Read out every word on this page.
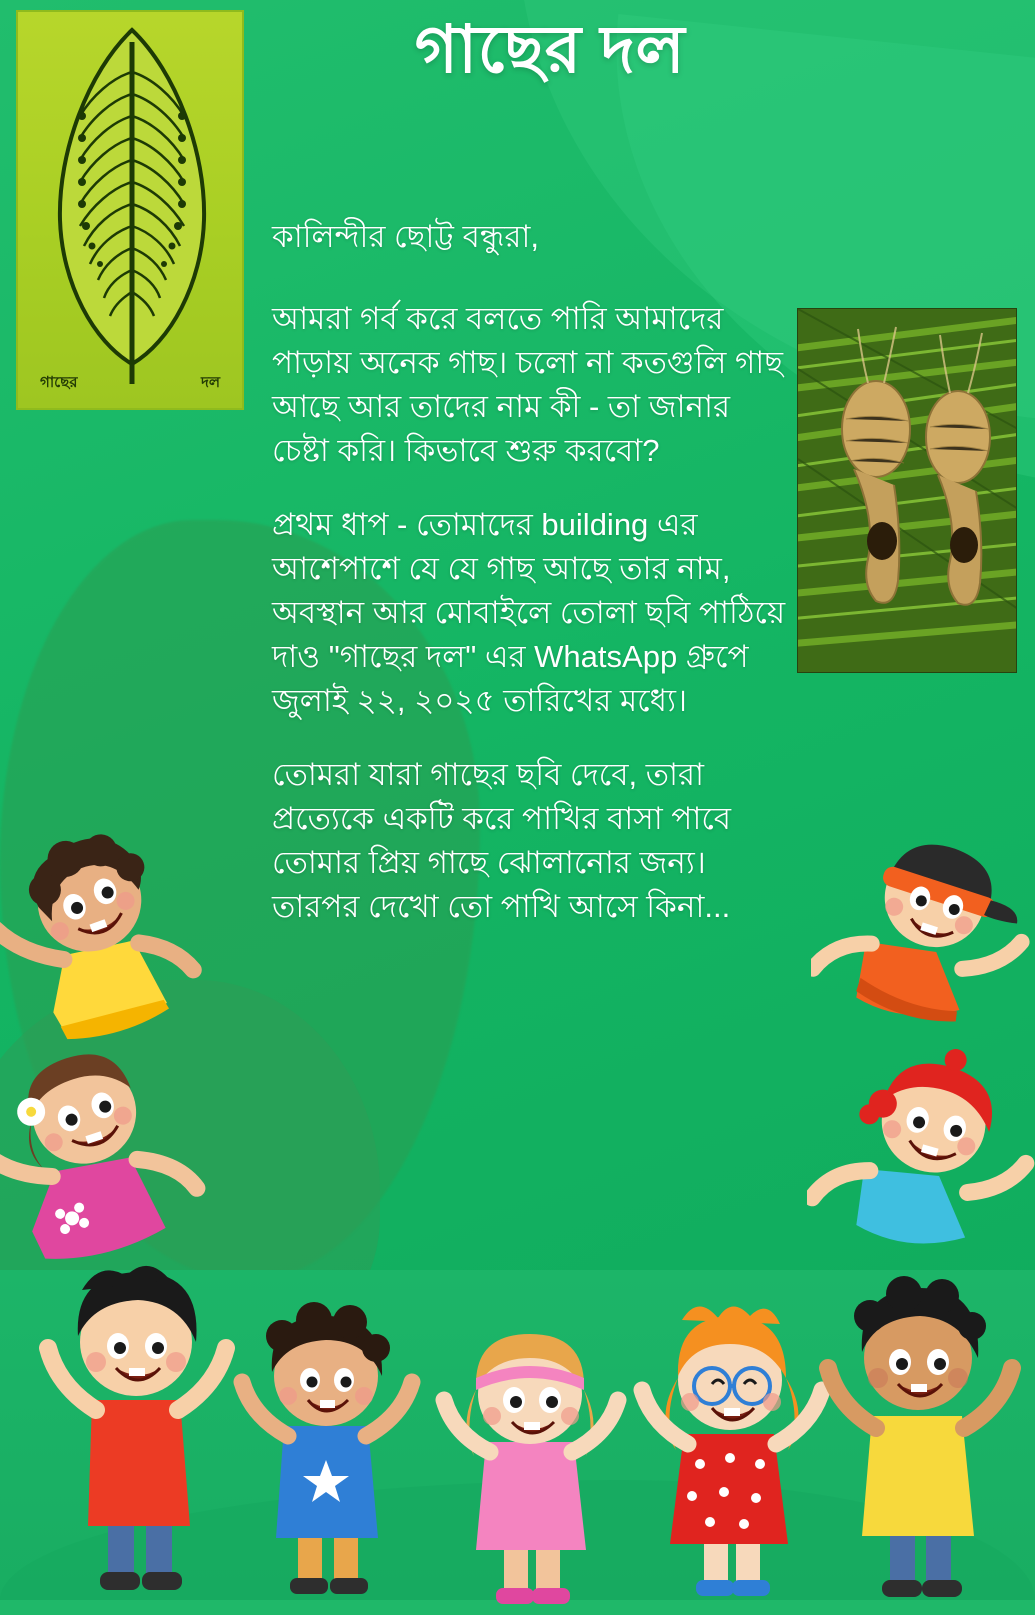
গাছের দল
গাছের	দল

কালিন্দীর ছোট্ট বন্ধুরা,

আমরা গর্ব করে বলতে পারি আমাদের পাড়ায় অনেক গাছ। চলো না কতগুলি গাছ আছে আর তাদের নাম কী - তা জানার চেষ্টা করি। কিভাবে শুরু করবো?

প্রথম ধাপ - তোমাদের building এর আশেপাশে যে যে গাছ আছে তার নাম, অবস্থান আর মোবাইলে তোলা ছবি পাঠিয়ে দাও "গাছের দল" এর WhatsApp গ্রুপে জুলাই ২২, ২০২৫ তারিখের মধ্যে।

তোমরা যারা গাছের ছবি দেবে, তারা প্রত্যেকে একটি করে পাখির বাসা পাবে তোমার প্রিয় গাছে ঝোলানোর জন্য। তারপর দেখো তো পাখি আসে কিনা...
